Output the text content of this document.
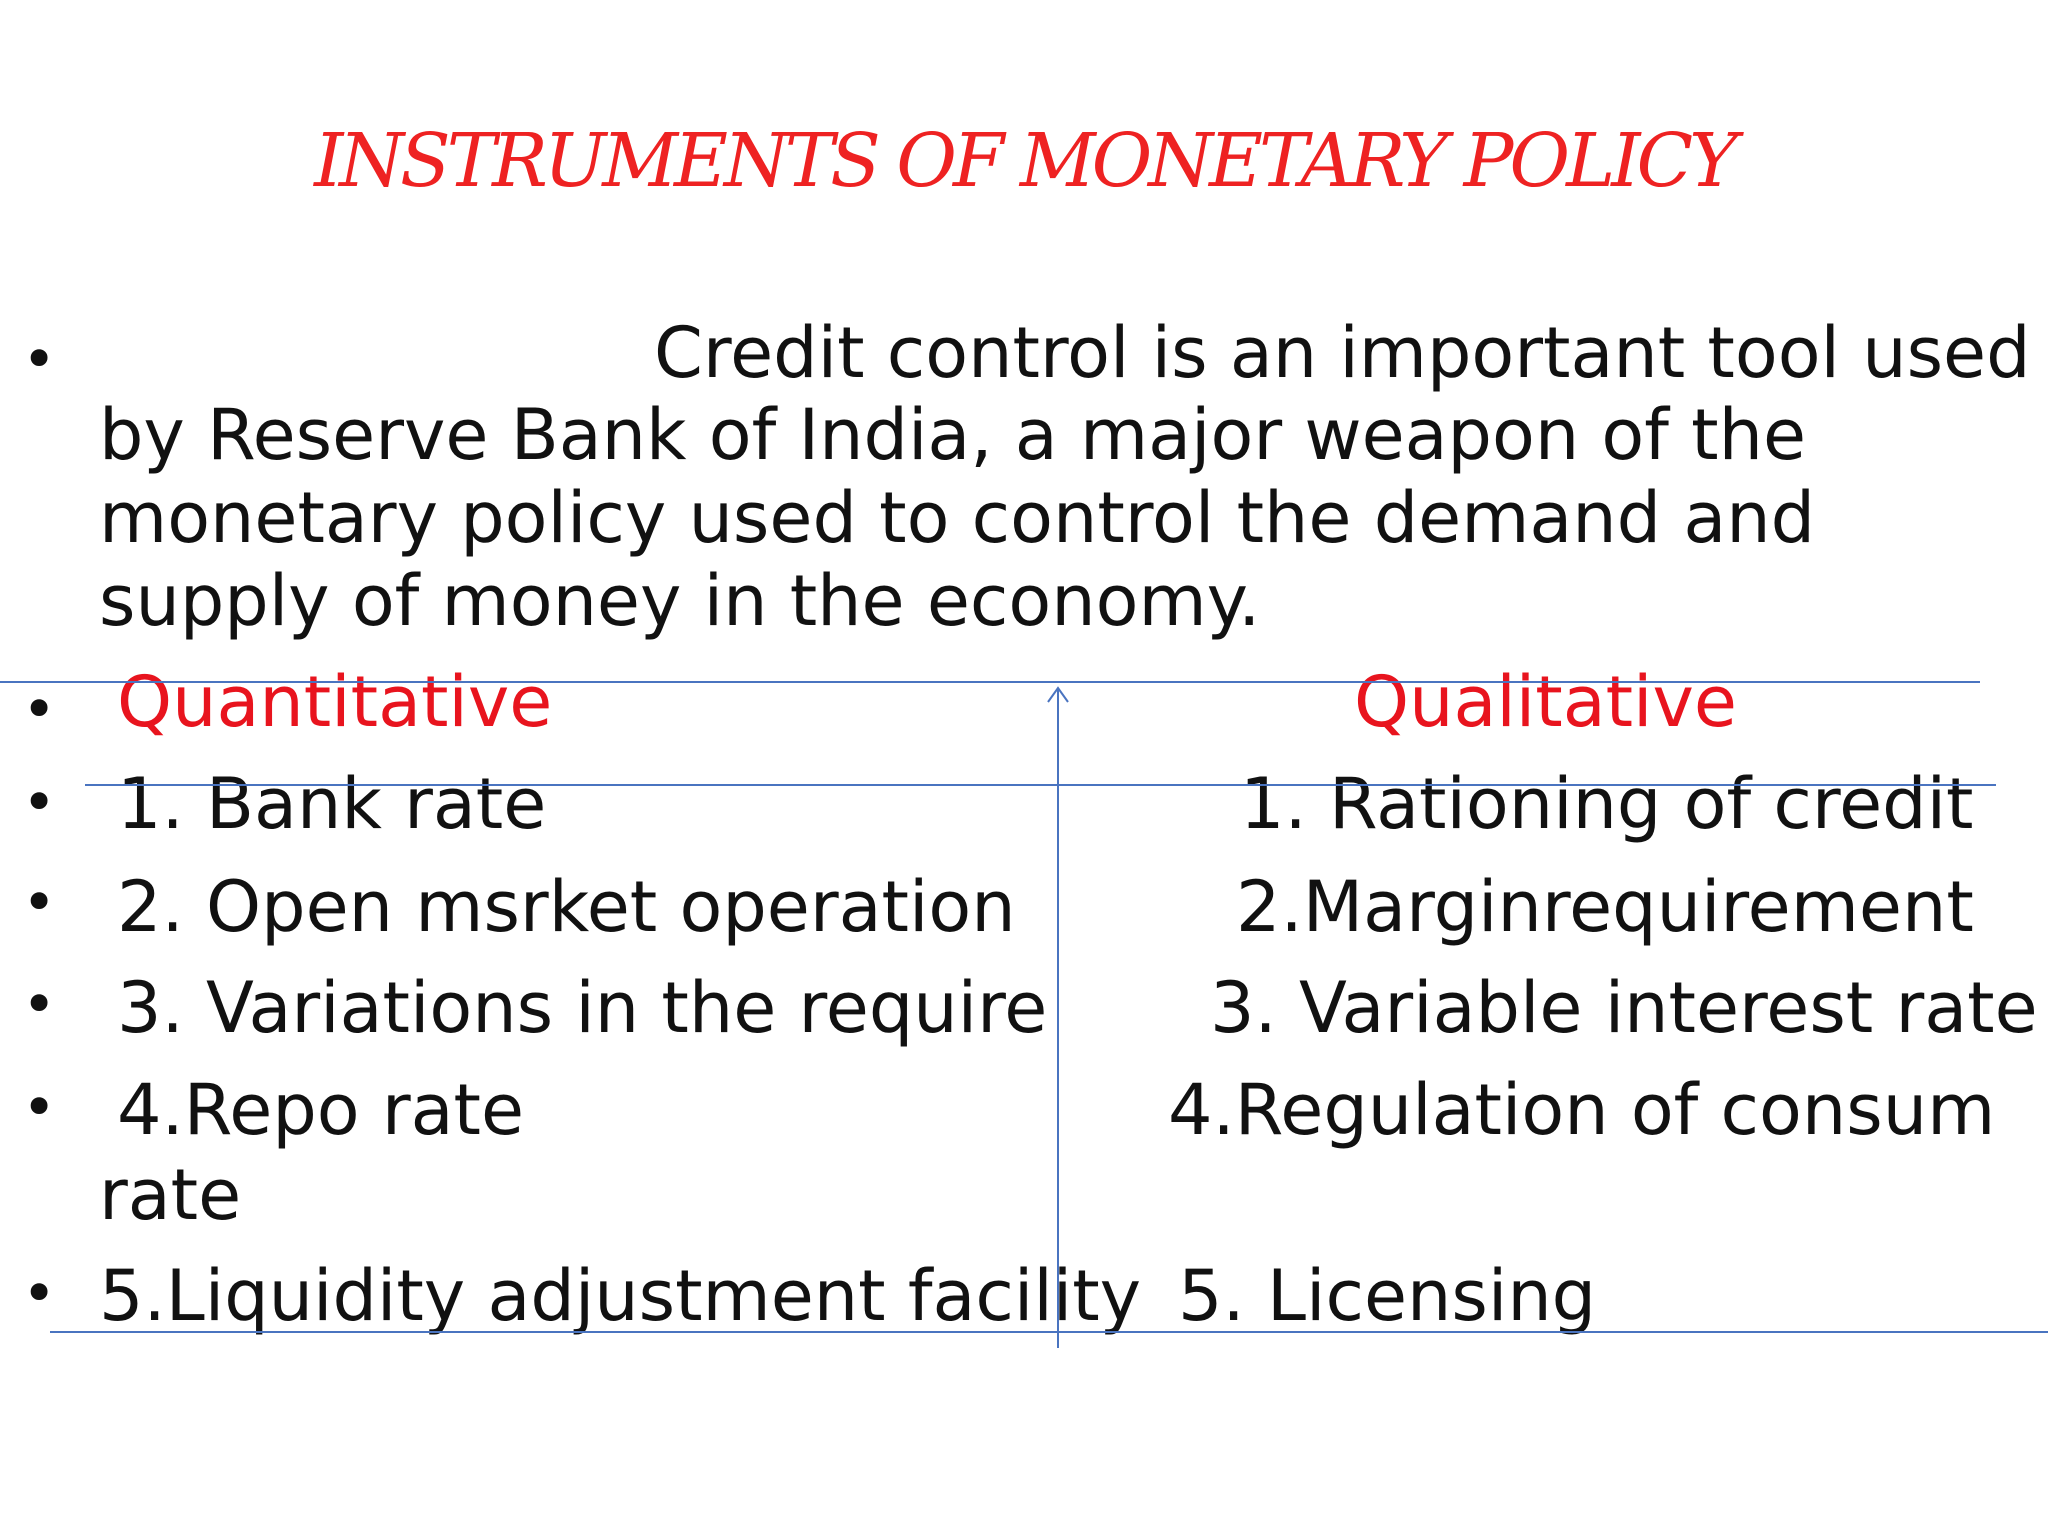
INSTRUMENTS OF MONETARY POLICY
•
•
•
•
•
•
•
Credit control is an important tool used
by Reserve Bank of India, a major weapon of the
monetary policy used to control the demand and
supply of money in the economy.
Quantitative	Qualitative
1. Bank rate
2. Open msrket operation
3. Variations in the require
4.Repo rate
rate
5.Liquidity adjustment facility
1. Rationing of credit
2.Marginrequirement
3. Variable interest rate
4.Regulation of consum
5. Licensing
